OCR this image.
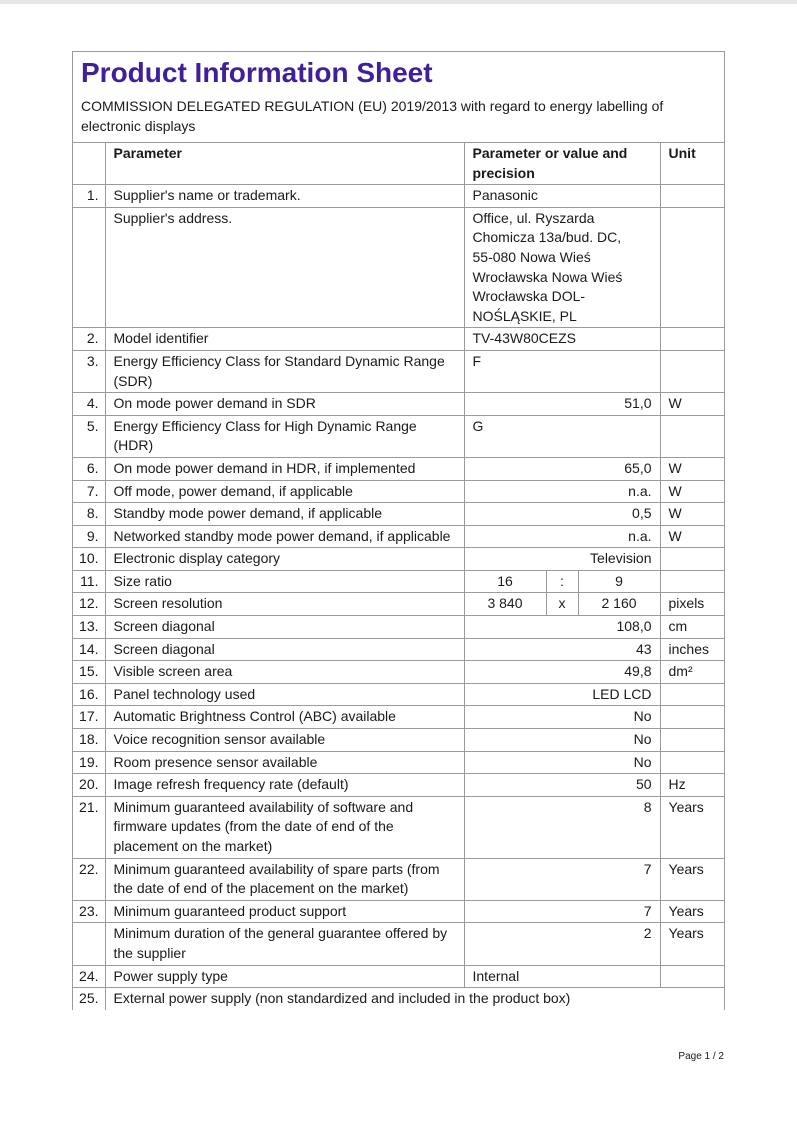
Product Information Sheet
COMMISSION DELEGATED REGULATION (EU) 2019/2013 with regard to energy labelling of electronic displays
	Parameter	Parameter or value and precision			Unit
1.	Supplier's name or trademark.	Panasonic			
	Supplier's address.	Office, ul. Ryszarda Chomicza 13a/bud. DC, 55-080 Nowa Wieś Wrocławska Nowa Wieś Wrocławska DOL-NOŚLĄSKIE, PL			
2.	Model identifier	TV-43W80CEZS			
3.	Energy Efficiency Class for Standard Dynamic Range (SDR)	F			
4.	On mode power demand in SDR	51,0			W
5.	Energy Efficiency Class for High Dynamic Range (HDR)	G			
6.	On mode power demand in HDR, if implemented	65,0			W
7.	Off mode, power demand, if applicable	n.a.			W
8.	Standby mode power demand, if applicable	0,5			W
9.	Networked standby mode power demand, if applicable	n.a.			W
10.	Electronic display category	Television			
11.	Size ratio	16	:	9	
12.	Screen resolution	3 840	x	2 160	pixels
13.	Screen diagonal	108,0			cm
14.	Screen diagonal	43			inches
15.	Visible screen area	49,8			dm²
16.	Panel technology used	LED LCD			
17.	Automatic Brightness Control (ABC) available	No			
18.	Voice recognition sensor available	No			
19.	Room presence sensor available	No			
20.	Image refresh frequency rate (default)	50			Hz
21.	Minimum guaranteed availability of software and firmware updates (from the date of end of the placement on the market)	8			Years
22.	Minimum guaranteed availability of spare parts (from the date of end of the placement on the market)	7			Years
23.	Minimum guaranteed product support	7			Years
	Minimum duration of the general guarantee offered by the supplier	2			Years
24.	Power supply type	Internal			
25.	External power supply (non standardized and included in the product box)				
Page 1 / 2
